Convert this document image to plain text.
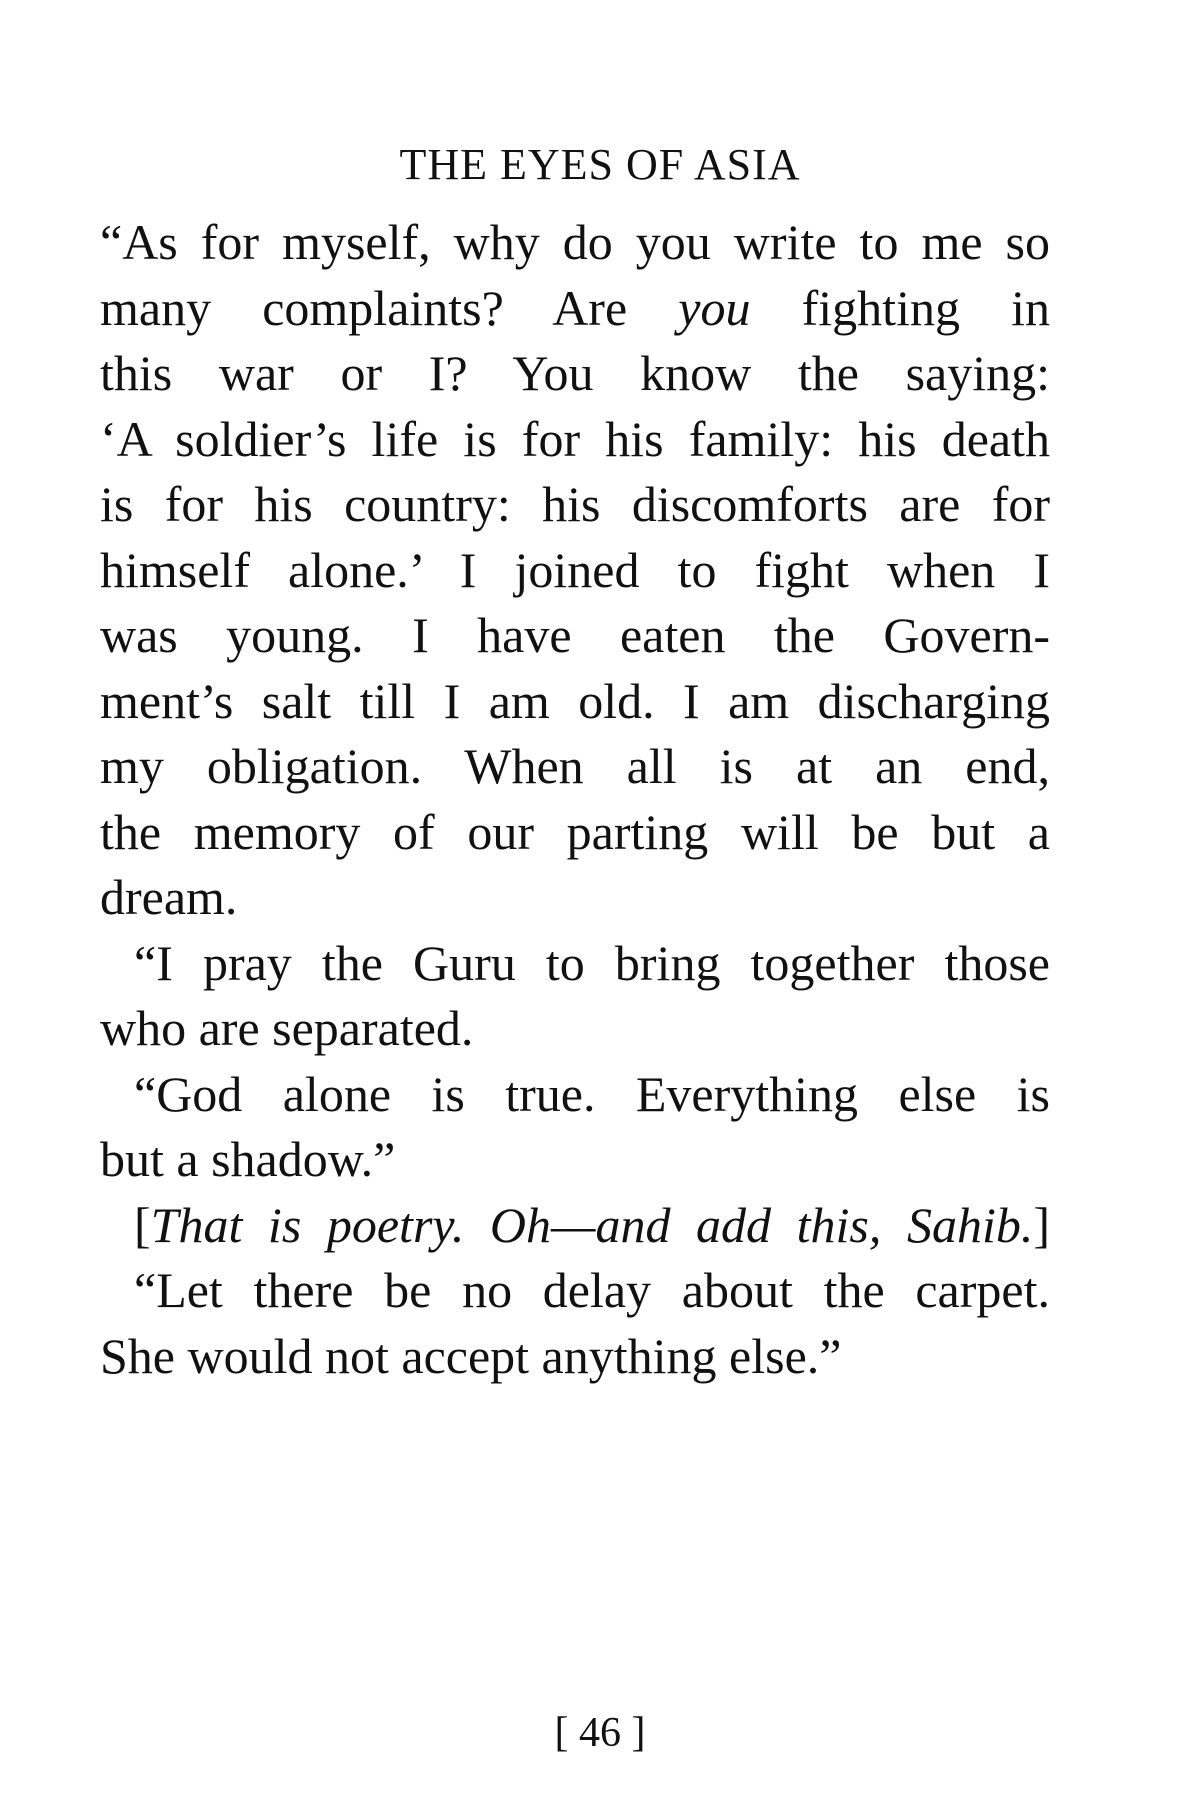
THE EYES OF ASIA
“As for myself, why do you write to me so
many complaints? Are you fighting in
this war or I? You know the saying:
‘A soldier’s life is for his family: his death
is for his country: his discomforts are for
himself alone.’ I joined to fight when I
was young. I have eaten the Govern-
ment’s salt till I am old. I am discharging
my obligation. When all is at an end,
the memory of our parting will be but a
dream.
“I pray the Guru to bring together those
who are separated.
“God alone is true. Everything else is
but a shadow.”
[That is poetry. Oh—and add this, Sahib.]
“Let there be no delay about the carpet.
She would not accept anything else.”
[ 46 ]
